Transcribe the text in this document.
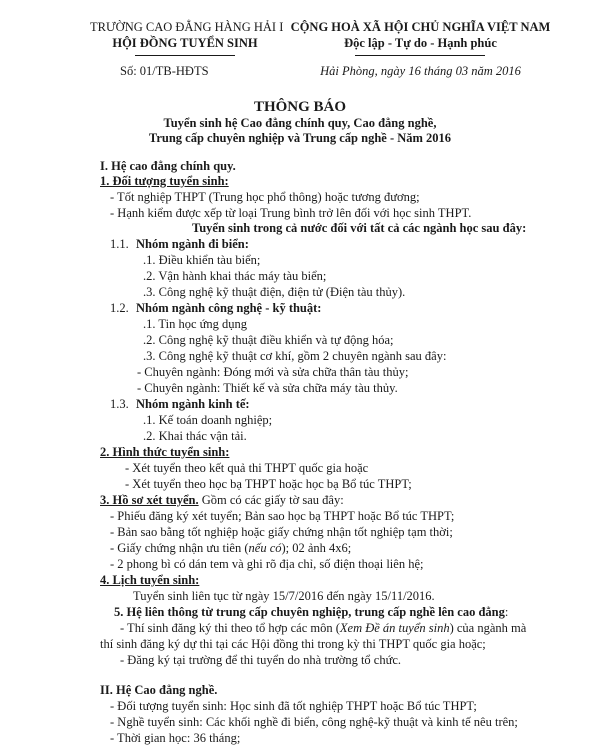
TRƯỜNG CAO ĐẲNG HÀNG HẢI I
HỘI ĐỒNG TUYỂN SINH
Số: 01/TB-HĐTS
CỘNG HOÀ XÃ HỘI CHỦ NGHĨA VIỆT NAM
Độc lập - Tự do - Hạnh phúc
Hải Phòng, ngày 16 tháng 03 năm 2016
THÔNG BÁO
Tuyển sinh hệ Cao đẳng chính quy, Cao đẳng nghề,
Trung cấp chuyên nghiệp và Trung cấp nghề - Năm 2016
I. Hệ cao đẳng chính quy.
1. Đối tượng tuyển sinh:
- Tốt nghiệp THPT (Trung học phổ thông) hoặc tương đương;
- Hạnh kiểm được xếp từ loại Trung bình trở lên đối với học sinh THPT.
Tuyển sinh trong cả nước đối với tất cả các ngành học sau đây:
1.1. Nhóm ngành đi biển:
.1. Điều khiển tàu biển;
.2. Vận hành khai thác máy tàu biển;
.3. Công nghệ kỹ thuật điện, điện tử (Điện tàu thủy).
1.2. Nhóm ngành công nghệ - kỹ thuật:
.1. Tin học ứng dụng
.2. Công nghệ kỹ thuật điều khiển và tự động hóa;
.3. Công nghệ kỹ thuật cơ khí, gồm 2 chuyên ngành sau đây:
- Chuyên ngành: Đóng mới và sửa chữa thân tàu thủy;
- Chuyên ngành: Thiết kế và sửa chữa máy tàu thủy.
1.3. Nhóm ngành kinh tế:
.1. Kế toán doanh nghiệp;
.2. Khai thác vận tải.
2. Hình thức tuyển sinh:
- Xét tuyển theo kết quả thi THPT quốc gia hoặc
- Xét tuyển theo học bạ THPT hoặc học bạ Bổ túc THPT;
3. Hồ sơ xét tuyển. Gồm có các giấy tờ sau đây:
- Phiếu đăng ký xét tuyển; Bản sao học bạ THPT hoặc Bổ túc THPT;
- Bản sao bằng tốt nghiệp hoặc giấy chứng nhận tốt nghiệp tạm thời;
- Giấy chứng nhận ưu tiên (nếu có); 02 ảnh 4x6;
- 2 phong bì có dán tem và ghi rõ địa chỉ, số điện thoại liên hệ;
4. Lịch tuyển sinh:
Tuyển sinh liên tục từ ngày 15/7/2016 đến ngày 15/11/2016.
5. Hệ liên thông từ trung cấp chuyên nghiệp, trung cấp nghề lên cao đẳng:
- Thí sinh đăng ký thi theo tổ hợp các môn (Xem Đề án tuyển sinh) của ngành mà
thí sinh đăng ký dự thi tại các Hội đồng thi trong kỳ thi THPT quốc gia hoặc;
- Đăng ký tại trường để thi tuyển do nhà trường tổ chức.
II. Hệ Cao đẳng nghề.
- Đối tượng tuyển sinh: Học sinh đã tốt nghiệp THPT hoặc Bổ túc THPT;
- Nghề tuyển sinh: Các khối nghề đi biển, công nghệ-kỹ thuật và kinh tế nêu trên;
- Thời gian học: 36 tháng;
